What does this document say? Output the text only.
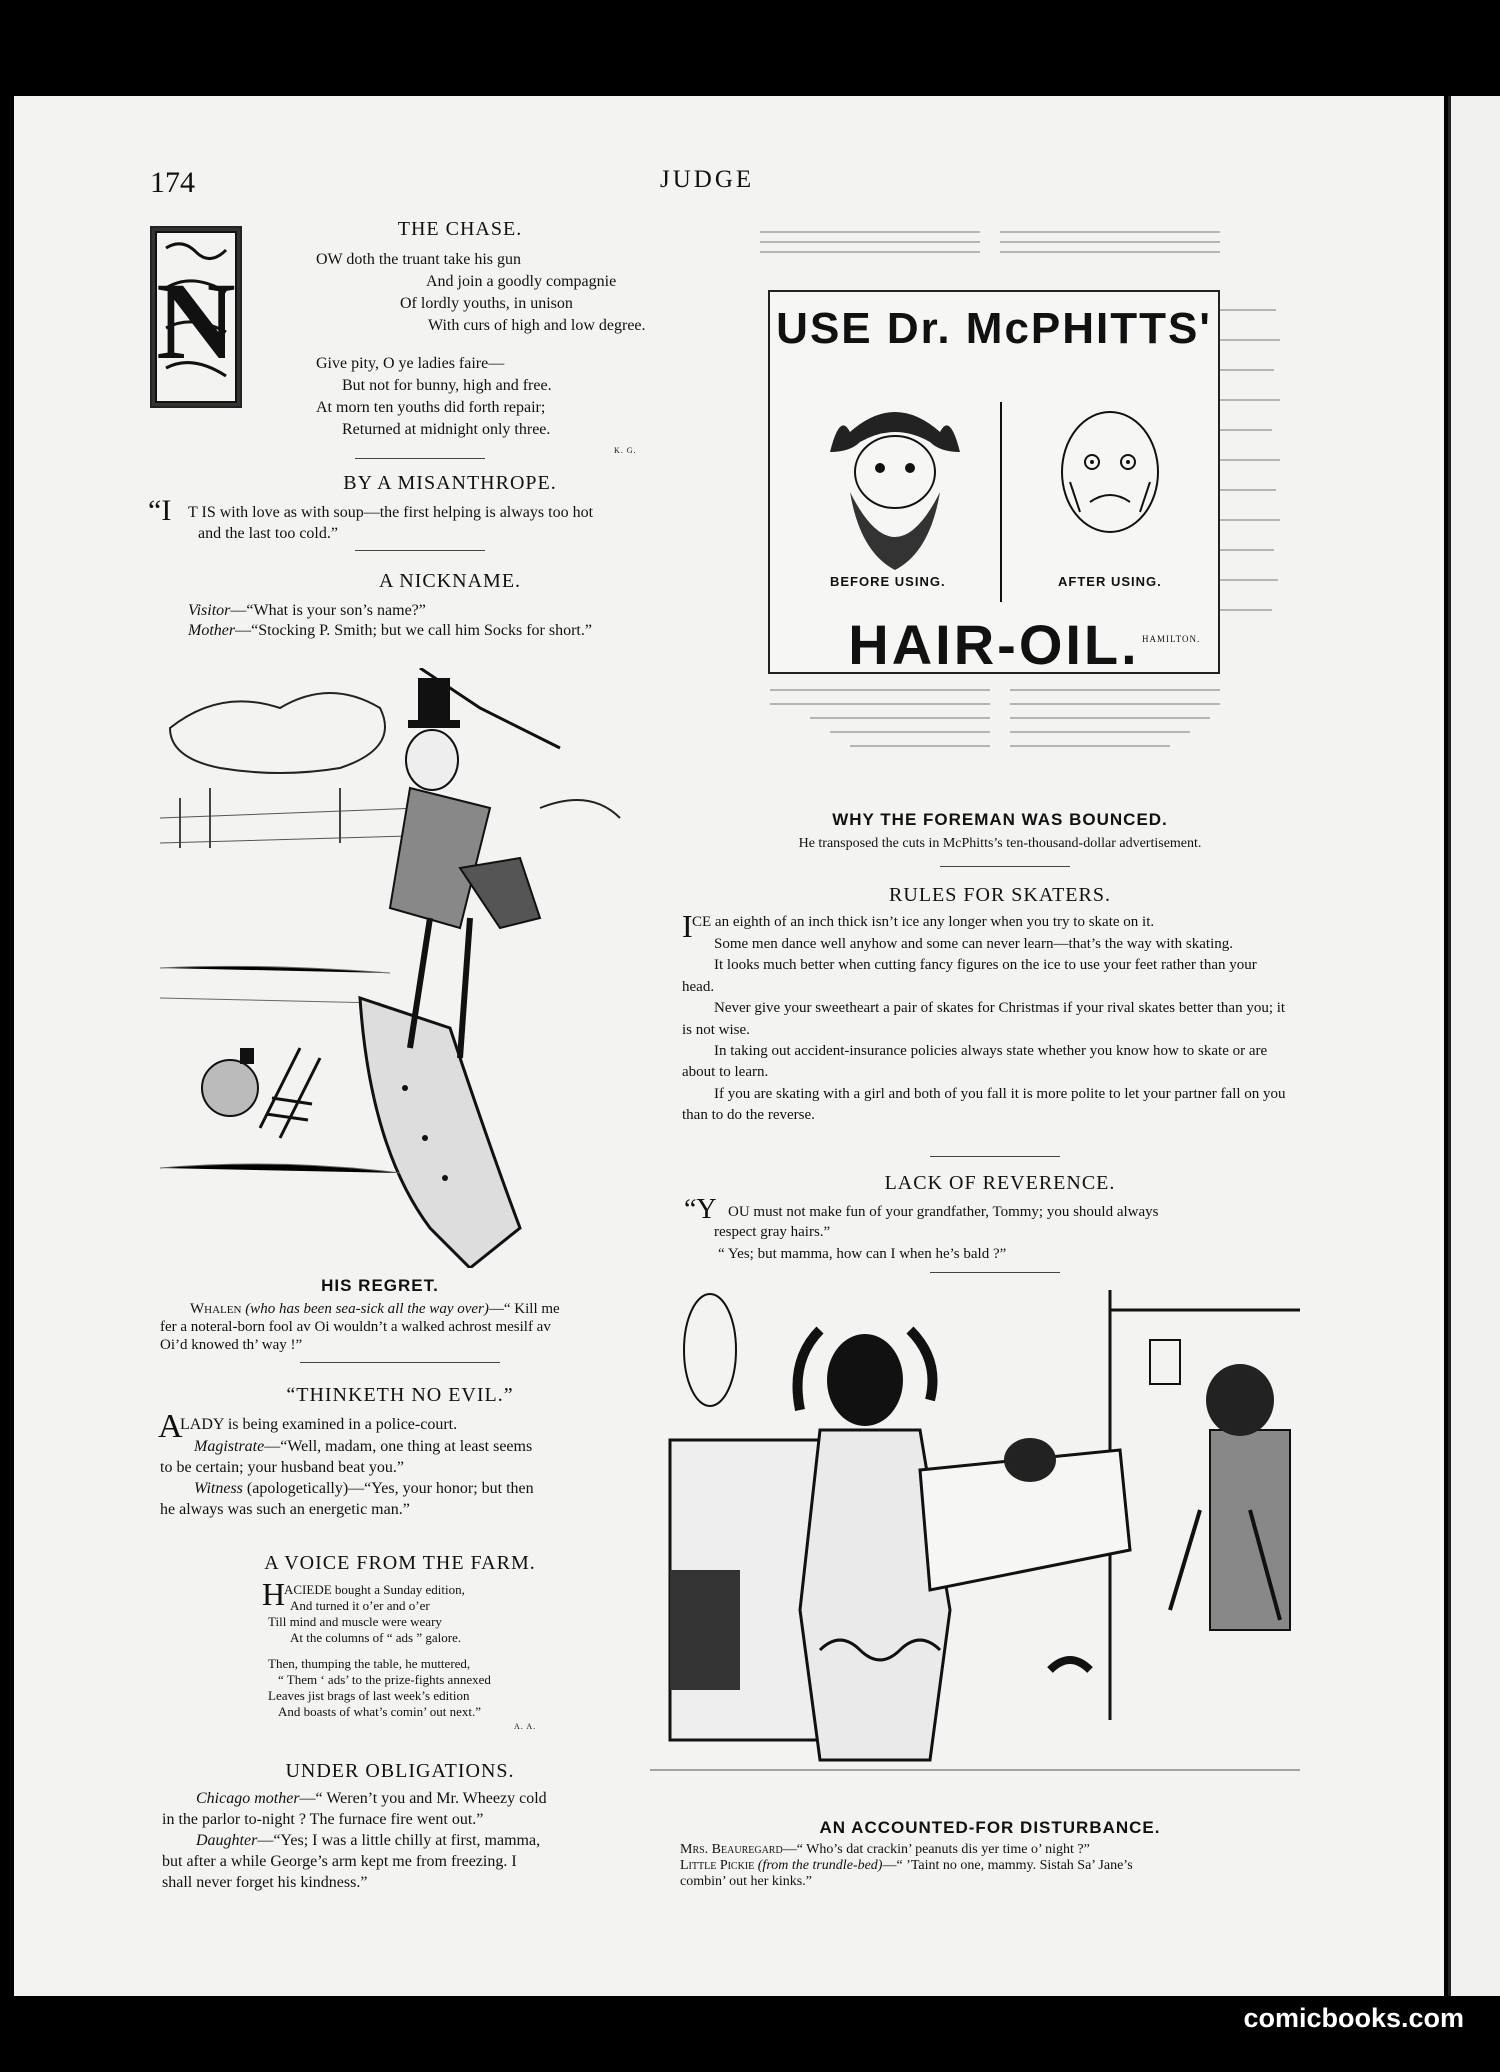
174	JUDGE
N
THE CHASE.
OW doth the truant take his gun
And join a goodly compagnie
Of lordly youths, in unison
With curs of high and low degree.
Give pity, O ye ladies faire—
But not for bunny, high and free.
At morn ten youths did forth repair;
Returned at midnight only three.
K. G.
BY A MISANTHROPE.
“I T IS with love as with soup—the first helping is always too hot
and the last too cold.”
A NICKNAME.
Visitor—“What is your son’s name?”
Mother—“Stocking P. Smith; but we call him Socks for short.”
HIS REGRET.
Whalen (who has been sea-sick all the way over)—“ Kill me
fer a noteral-born fool av Oi wouldn’t a walked achrost mesilf av
Oi’d knowed th’ way !”
“THINKETH NO EVIL.”
A
LADY is being examined in a police-court.
Magistrate—“Well, madam, one thing at least seems
to be certain; your husband beat you.”
Witness (apologetically)—“Yes, your honor; but then
he always was such an energetic man.”
A VOICE FROM THE FARM.
H
ACIEDE bought a Sunday edition,
And turned it o’er and o’er
Till mind and muscle were weary
At the columns of “ ads ” galore.
Then, thumping the table, he muttered,
“ Them ‘ ads’ to the prize-fights annexed
Leaves jist brags of last week’s edition
And boasts of what’s comin’ out next.”
A. A.
UNDER OBLIGATIONS.
Chicago mother—“ Weren’t you and Mr. Wheezy cold
in the parlor to-night ? The furnace fire went out.”
Daughter—“Yes; I was a little chilly at first, mamma,
but after a while George’s arm kept me from freezing. I
shall never forget his kindness.”
USE Dr. McPHITTS'
BEFORE USING.	AFTER USING.
HAIR-OIL. HAMILTON.
WHY THE FOREMAN WAS BOUNCED.
He transposed the cuts in McPhitts’s ten-thousand-dollar advertisement.
RULES FOR SKATERS.
I CE an eighth of an inch thick isn’t ice any longer when you try to skate on it.
Some men dance well anyhow and some can never learn—that’s the way with skating.
It looks much better when cutting fancy figures on the ice to use your feet rather than your head.
Never give your sweetheart a pair of skates for Christmas if your rival skates better than you; it is not wise.
In taking out accident-insurance policies always state whether you know how to skate or are about to learn.
If you are skating with a girl and both of you fall it is more polite to let your partner fall on you than to do the reverse.
LACK OF REVERENCE.
“Y OU must not make fun of your grandfather, Tommy; you should always
respect gray hairs.”
“ Yes; but mamma, how can I when he’s bald ?”
AN ACCOUNTED-FOR DISTURBANCE.
Mrs. Beauregard—“ Who’s dat crackin’ peanuts dis yer time o’ night ?”
Little Pickie (from the trundle-bed)—“ ’Taint no one, mammy. Sistah Sa’ Jane’s
combin’ out her kinks.”
comicbooks.com
